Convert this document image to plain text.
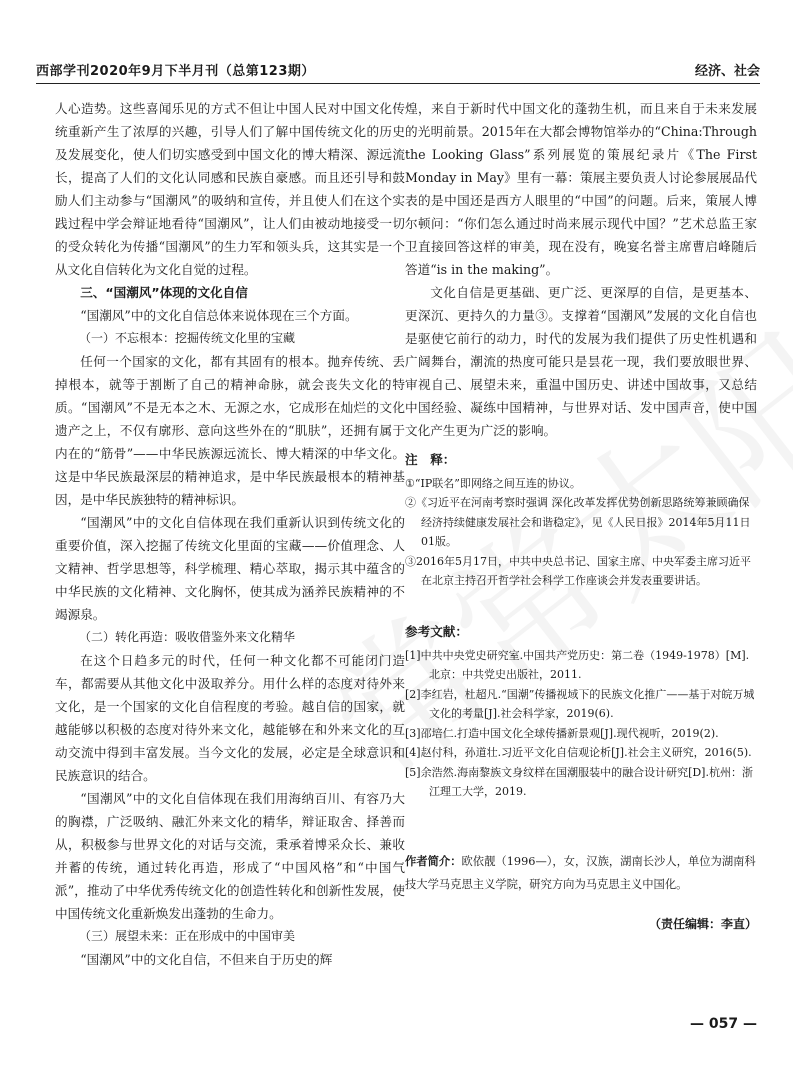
西部学刊2020年9月下半月刊（总第123期）	经济、社会

人心造势。这些喜闻乐见的方式不但让中国人民对中国文化传统重新产生了浓厚的兴趣，引导人们了解中国传统文化的历史及发展变化，使人们切实感受到中国文化的博大精深、源远流长，提高了人们的文化认同感和民族自豪感。而且还引导和鼓励人们主动参与“国潮风”的吸纳和宣传，并且使人们在这个实践过程中学会辩证地看待“国潮风”，让人们由被动地接受一切的受众转化为传播“国潮风”的生力军和领头兵，这其实是一个从文化自信转化为文化自觉的过程。

三、“国潮风”体现的文化自信

“国潮风”中的文化自信总体来说体现在三个方面。

（一）不忘根本：挖掘传统文化里的宝藏

任何一个国家的文化，都有其固有的根本。抛弃传统、丢掉根本，就等于割断了自己的精神命脉，就会丧失文化的特质。“国潮风”不是无本之木、无源之水，它成形在灿烂的文化遗产之上，不仅有廓形、意向这些外在的“肌肤”，还拥有属于内在的“筋骨”——中华民族源远流长、博大精深的中华文化。这是中华民族最深层的精神追求，是中华民族最根本的精神基因，是中华民族独特的精神标识。

“国潮风”中的文化自信体现在我们重新认识到传统文化的重要价值，深入挖掘了传统文化里面的宝藏——价值理念、人文精神、哲学思想等，科学梳理、精心萃取，揭示其中蕴含的中华民族的文化精神、文化胸怀，使其成为涵养民族精神的不竭源泉。

（二）转化再造：吸收借鉴外来文化精华

在这个日趋多元的时代，任何一种文化都不可能闭门造车，都需要从其他文化中汲取养分。用什么样的态度对待外来文化，是一个国家的文化自信程度的考验。越自信的国家，就越能够以积极的态度对待外来文化，越能够在和外来文化的互动交流中得到丰富发展。当今文化的发展，必定是全球意识和民族意识的结合。

“国潮风”中的文化自信体现在我们用海纳百川、有容乃大的胸襟，广泛吸纳、融汇外来文化的精华，辩证取舍、择善而从，积极参与世界文化的对话与交流，秉承着博采众长、兼收并蓄的传统，通过转化再造，形成了“中国风格”和“中国气派”，推动了中华优秀传统文化的创造性转化和创新性发展，使中国传统文化重新焕发出蓬勃的生命力。

（三）展望未来：正在形成中的中国审美

“国潮风”中的文化自信，不但来自于历史的辉

煌，来自于新时代中国文化的蓬勃生机，而且来自于未来发展的光明前景。2015年在大都会博物馆举办的“China:Through the Looking Glass”系列展览的策展纪录片《The First Monday in May》里有一幕：策展主要负责人讨论参展展品代表的是中国还是西方人眼里的“中国”的问题。后来，策展人博尔顿问：“你们怎么通过时尚来展示现代中国？”艺术总监王家卫直接回答这样的审美，现在没有，晚宴名誉主席曹启峰随后答道“is in the making”。

文化自信是更基础、更广泛、更深厚的自信，是更基本、更深沉、更持久的力量③。支撑着“国潮风”发展的文化自信也是驱使它前行的动力，时代的发展为我们提供了历史性机遇和广阔舞台，潮流的热度可能只是昙花一现，我们要放眼世界、审视自己、展望未来，重温中国历史、讲述中国故事，又总结中国经验、凝练中国精神，与世界对话、发中国声音，使中国文化产生更为广泛的影响。

注　释：

①“IP联名”即网络之间互连的协议。

②《习近平在河南考察时强调 深化改革发挥优势创新思路统筹兼顾确保经济持续健康发展社会和谐稳定》，见《人民日报》2014年5月11日01版。

③2016年5月17日，中共中央总书记、国家主席、中央军委主席习近平在北京主持召开哲学社会科学工作座谈会并发表重要讲话。

参考文献：

[1]中共中央党史研究室.中国共产党历史：第二卷（1949-1978）[M].北京：中共党史出版社，2011.

[2]李红岩，杜超凡.“国潮”传播视域下的民族文化推广——基于对皖万城文化的考量[J].社会科学家，2019(6).

[3]邵培仁.打造中国文化全球传播新景观[J].现代视听，2019(2).

[4]赵付科，孙道壮.习近平文化自信观论析[J].社会主义研究，2016(5).

[5]余浩然.海南黎族文身纹样在国潮服装中的融合设计研究[D].杭州：浙江理工大学，2019.

作者简介：欧依靓（1996—），女，汉族，湖南长沙人，单位为湖南科技大学马克思主义学院，研究方向为马克思主义中国化。
（责任编辑：李直）
— 057 —
